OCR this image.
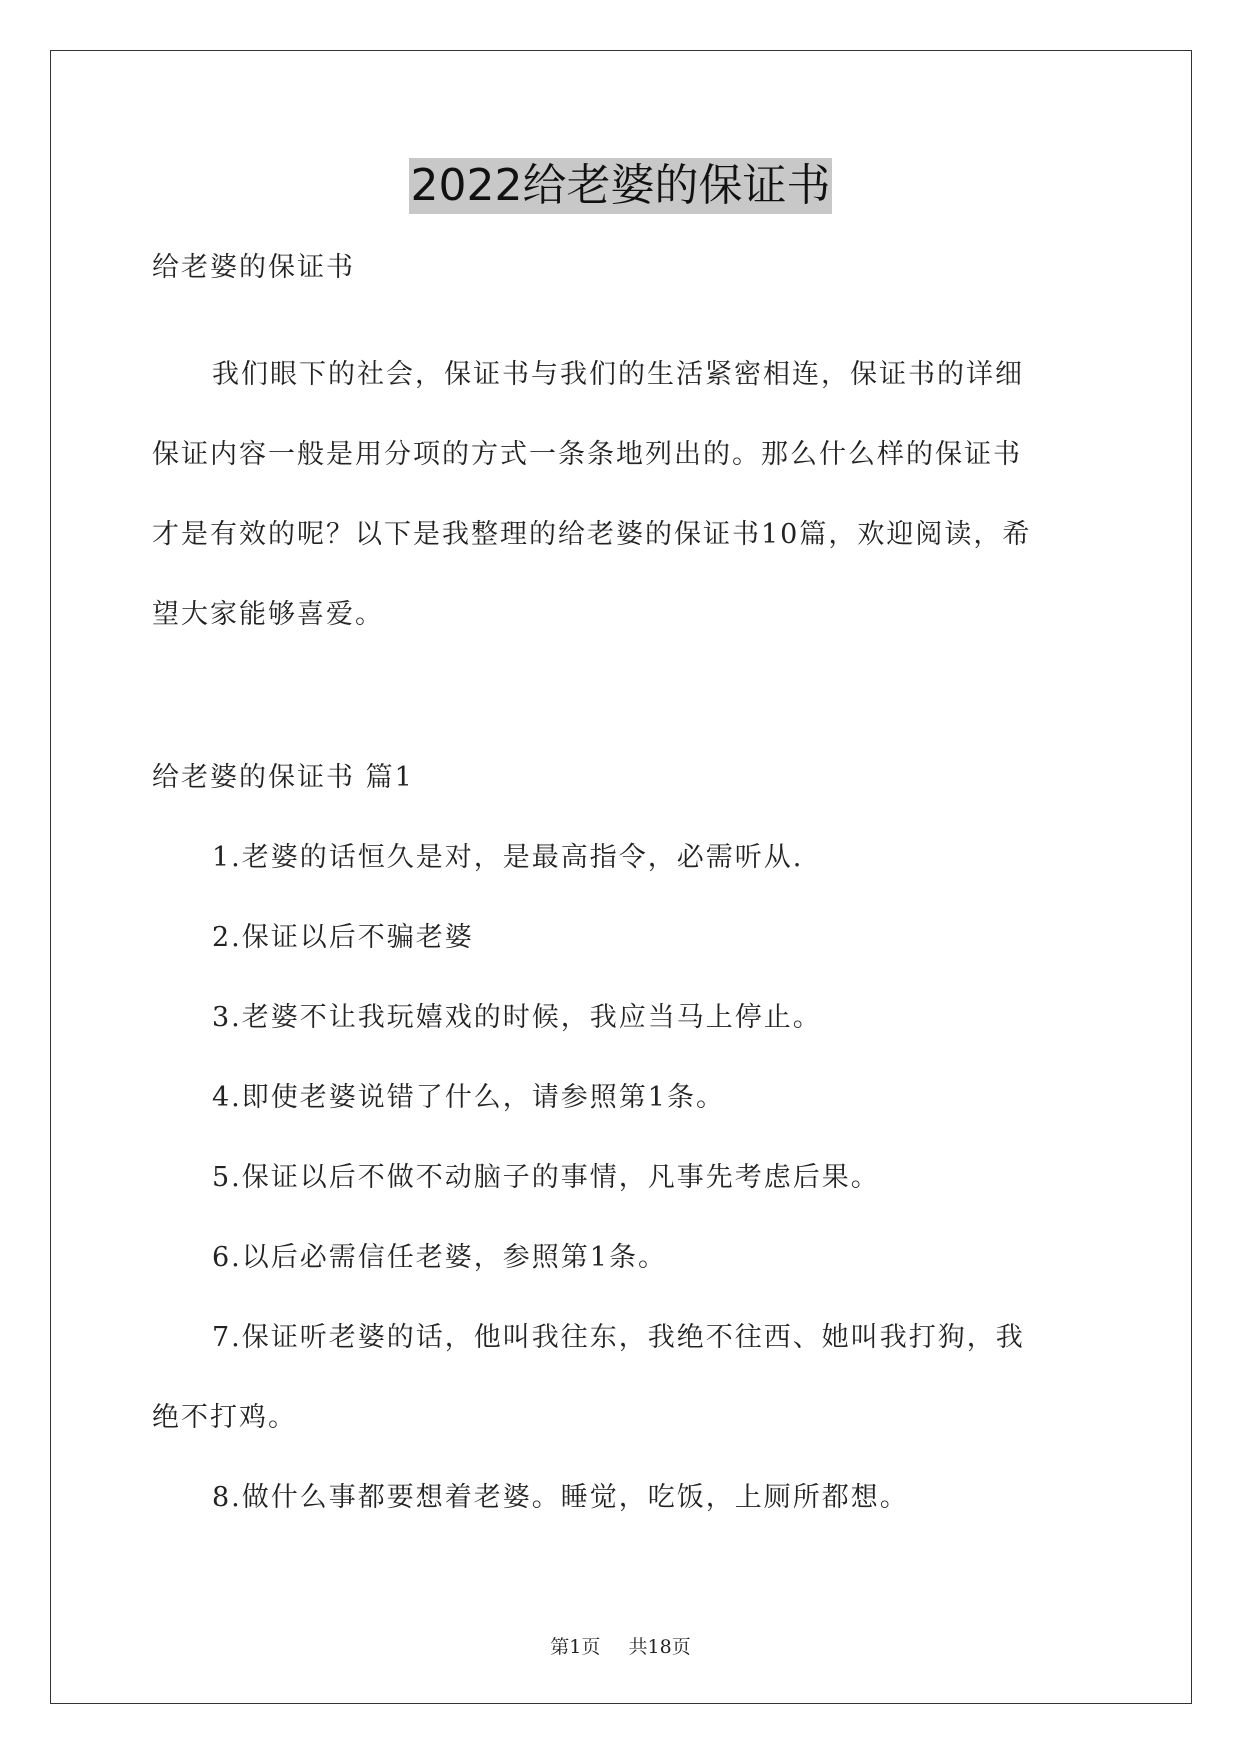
2022给老婆的保证书

给老婆的保证书

我们眼下的社会，保证书与我们的生活紧密相连，保证书的详细

保证内容一般是用分项的方式一条条地列出的。那么什么样的保证书

才是有效的呢？以下是我整理的给老婆的保证书10篇，欢迎阅读，希

望大家能够喜爱。

给老婆的保证书 篇1

1.老婆的话恒久是对，是最高指令，必需听从.

2.保证以后不骗老婆

3.老婆不让我玩嬉戏的时候，我应当马上停止。

4.即使老婆说错了什么，请参照第1条。

5.保证以后不做不动脑子的事情，凡事先考虑后果。

6.以后必需信任老婆，参照第1条。

7.保证听老婆的话，他叫我往东，我绝不往西、她叫我打狗，我

绝不打鸡。

8.做什么事都要想着老婆。睡觉，吃饭，上厕所都想。

第1页 共18页
